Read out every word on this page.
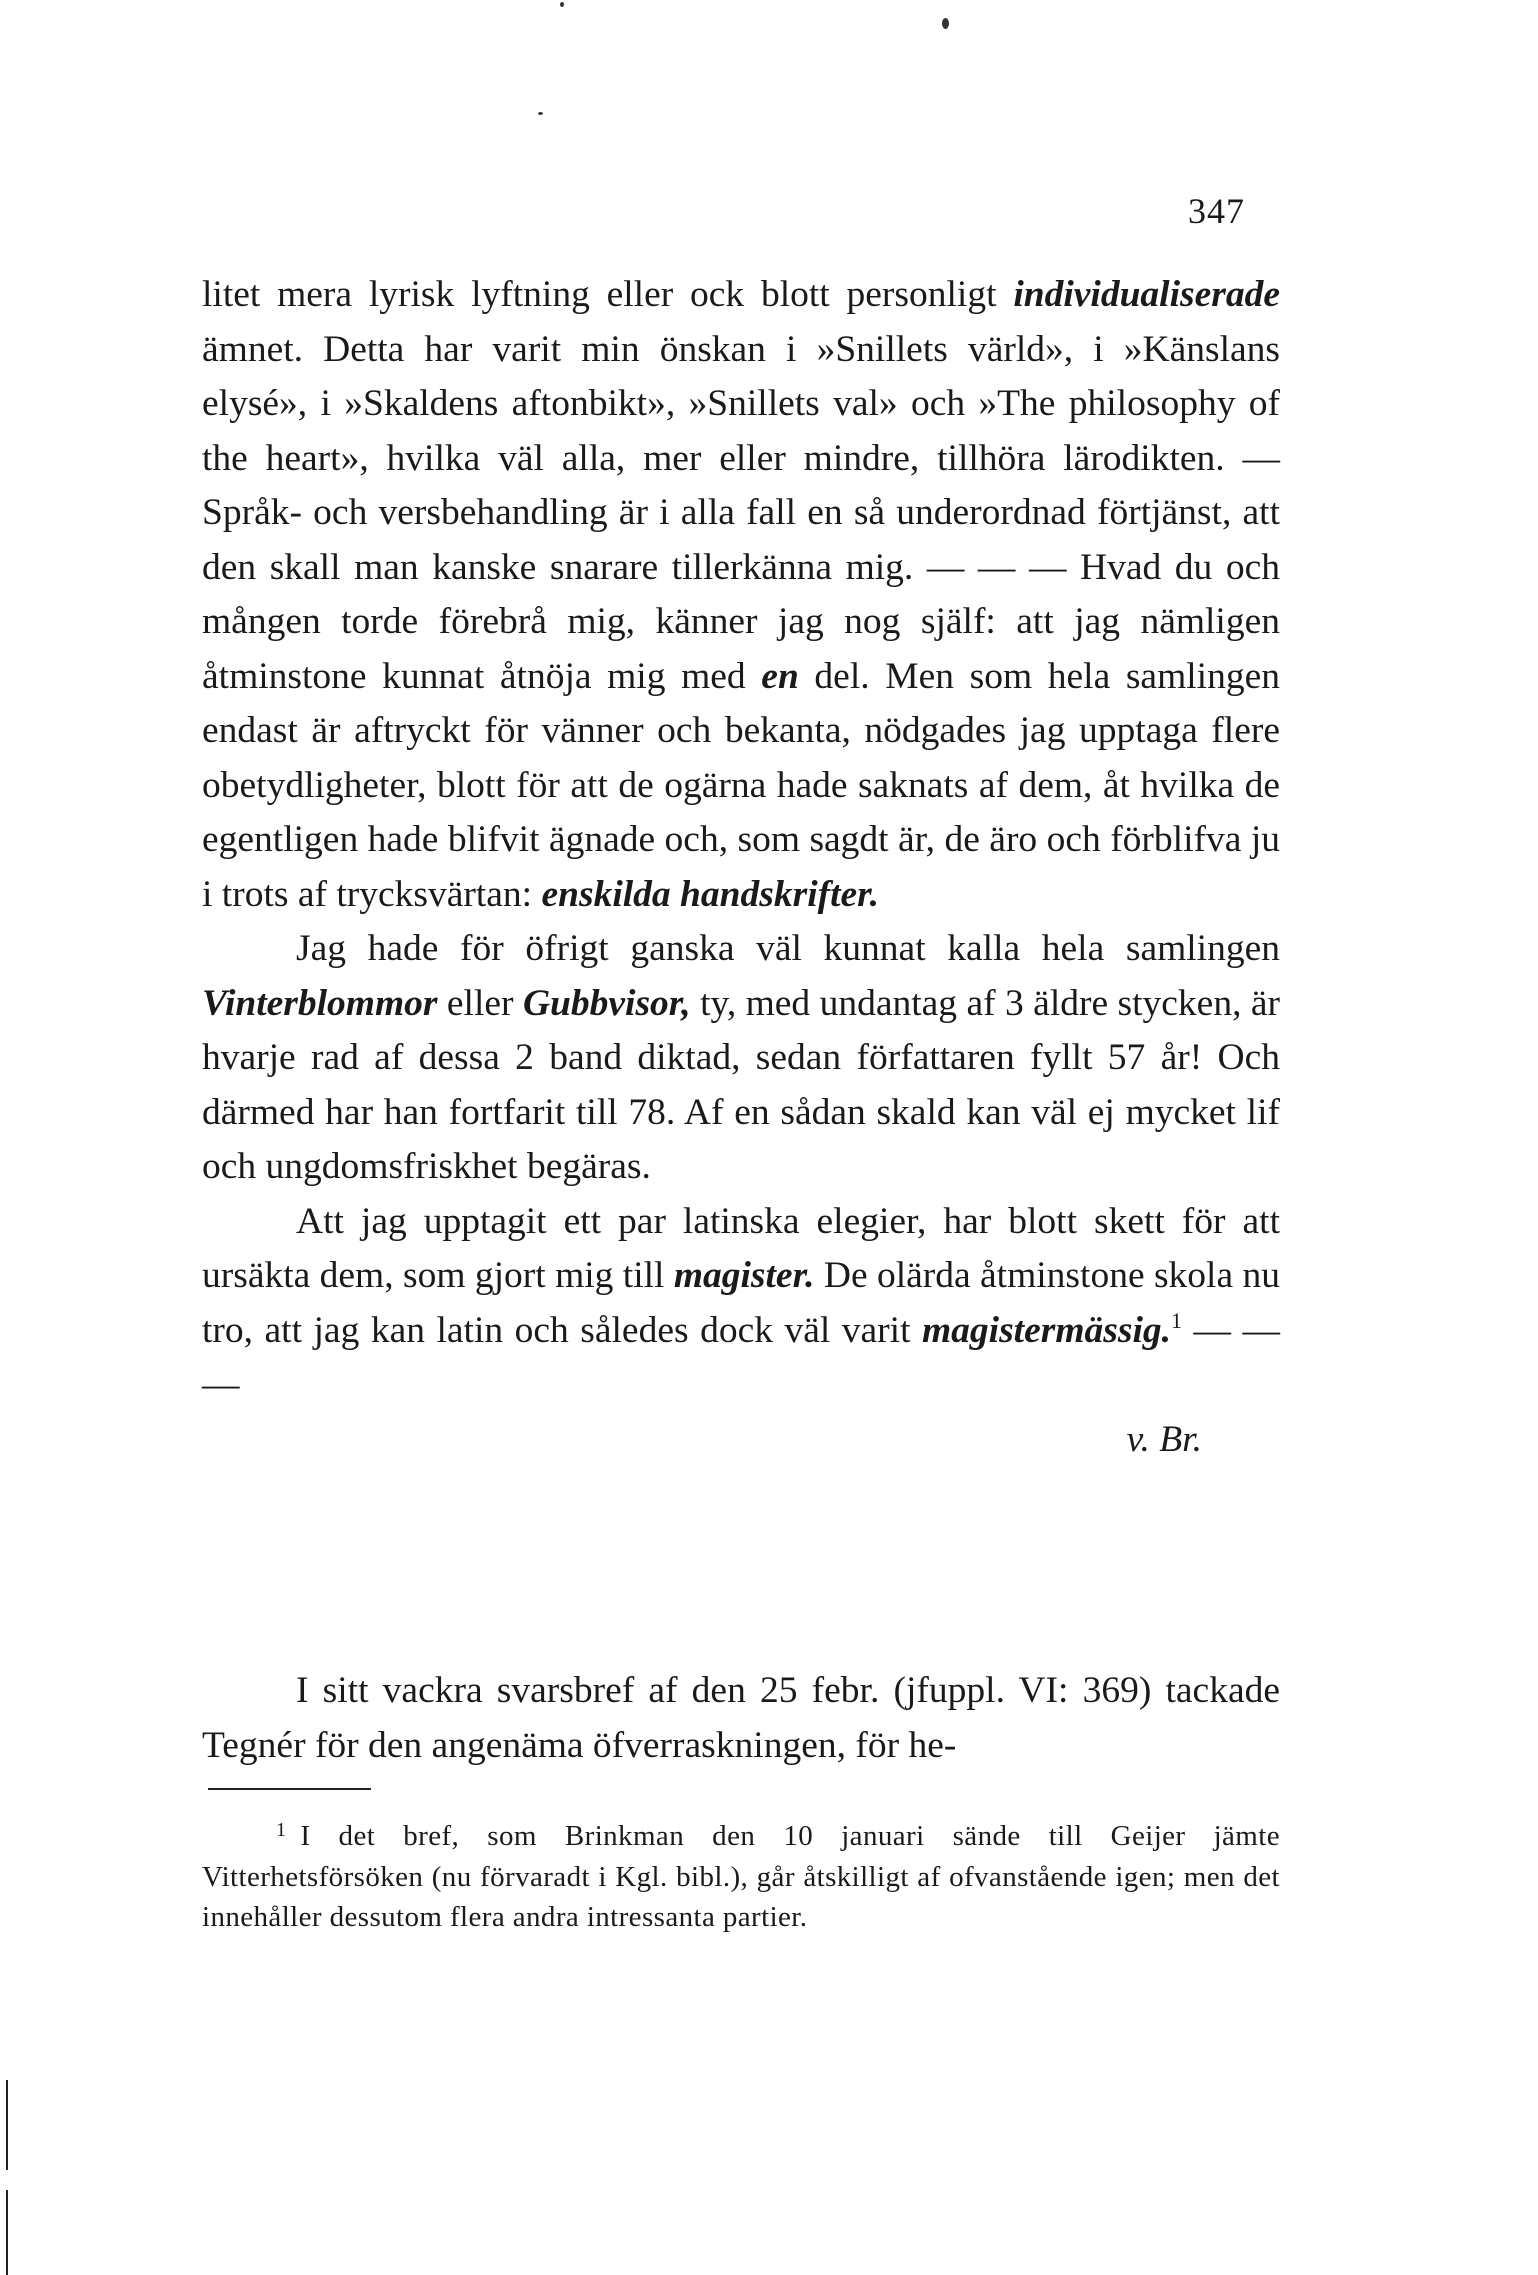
347

litet mera lyrisk lyftning eller ock blott personligt individualiserade ämnet. Detta har varit min önskan i »Snillets värld», i »Känslans elysé», i »Skaldens aftonbikt», »Snillets val» och »The philosophy of the heart», hvilka väl alla, mer eller mindre, tillhöra lärodikten. — Språk- och versbehandling är i alla fall en så underordnad förtjänst, att den skall man kanske snarare tillerkänna mig. — — — Hvad du och mången torde förebrå mig, känner jag nog själf: att jag nämligen åtminstone kunnat åtnöja mig med en del. Men som hela samlingen endast är aftryckt för vänner och bekanta, nödgades jag upptaga flere obetydligheter, blott för att de ogärna hade saknats af dem, åt hvilka de egentligen hade blifvit ägnade och, som sagdt är, de äro och förblifva ju i trots af trycksvärtan: enskilda handskrifter.

Jag hade för öfrigt ganska väl kunnat kalla hela samlingen Vinterblommor eller Gubbvisor, ty, med undantag af 3 äldre stycken, är hvarje rad af dessa 2 band diktad, sedan författaren fyllt 57 år! Och därmed har han fortfarit till 78. Af en sådan skald kan väl ej mycket lif och ungdomsfriskhet begäras.

Att jag upptagit ett par latinska elegier, har blott skett för att ursäkta dem, som gjort mig till magister. De olärda åtminstone skola nu tro, att jag kan latin och således dock väl varit magistermässig.$^1$ — — —

v. Br.

I sitt vackra svarsbref af den 25 febr. (jfuppl. VI: 369) tackade Tegnér för den angenäma öfverraskningen, för he-
1 I det bref, som Brinkman den 10 januari sände till Geijer jämte Vitterhetsförsöken (nu förvaradt i Kgl. bibl.), går åtskilligt af ofvanstående igen; men det innehåller dessutom flera andra intressanta partier.
